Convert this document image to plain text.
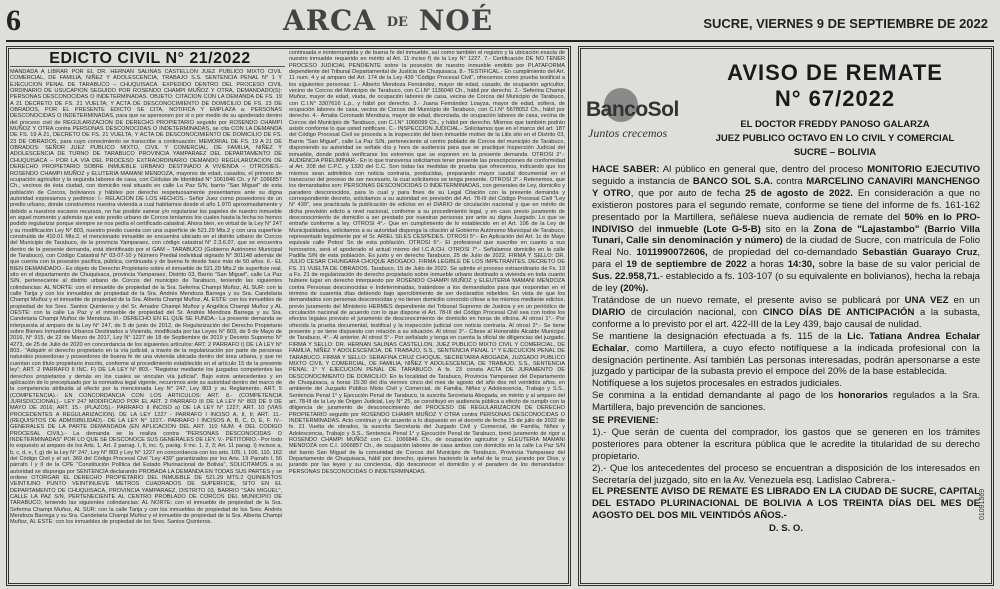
6	ARCA DE NOÉ	SUCRE, VIERNES 9 DE SEPTIEMBRE DE 2022
EDICTO CIVIL N° 21/2022
MANDADA A LIBRAR POR EL DR. HERNAN SALINAS CASTELLON JUEZ PUBLICO MIXTO CIVIL COMERCIAL, DE FAMILIA, NIÑEZ Y ADOLESCENCIA, TRABAJO S.S. SENTENCIA PENAL N° 1 Y EJECUCION PENAL DE TARABUCO – CHUQUISACA. EXPEDIDO DENTRO DEL PROCESO CIVIL ORDINARIO DE USUCAPION SEGUIDO POR ROSENDO CHAMPI MUÑOZ Y OTRA, DEMANDADO(S): PERSONAS DESCONOCIDAS O INDETERMINADAS. OBJETO: CITACION CON LA DEMANDA DE FS. 19 A 21 DECRETO DE FS. 21 VUELTA; Y ACTA DE DESCONOCIMIENTO DE DOMICILIO DE FS. 23 DE OBRADOS, POR EL PRESENTE EDICTO SE CITA, NOTIFICA Y EMPLAZA a: PERSONAS DESCONOCIDAS O INDETERMINADAS, para que se apersonen por sí o por medio de su apoderado dentro del proceso civil de REGULARIZACION DE DERECHO PROPIETARIO seguido por ROSENDO CHAMPI MUÑOZ Y OTRA contra PERSONAS DESCONOCIDAS O INDETERMINADAS, se cita CON LA DEMANDA DE FS. 19 A 21, DECRETO DE FS. 21 VUELTA, Y ACTA DE DESCONOCIMIENTO DE DOMICILIO DE FS. 23 DE OBRADOS, para cuyo conocimiento se transcribe a continuación: MEMORIAL DE FS. 19 A 21 DE OBRADOS: SEÑOR JUEZ PUBLICO MIXTO, CIVIL Y COMERCIAL, DE FAMILIA, NIÑEZ Y ADOLESCENCIA DE TURNO DE TARABUCO PROVINCIA YAMPARAEZ DEL DEPARTAMENTO DE CHUQUISACA – POR LA VIA DEL PROCESO EXTRAORDINARIO DEMANDO REGULARIZACION DE DERECHO PROPIETARIO SOBRE INMUEBLE URBANO DESTINADO A VIVIENDA – OTROSIES.- ROSENDO CHAMPI MUÑOZ y ELUTERIA MAMANI MENDOZA, mayores de edad, casados, el primero de ocupación agricultor y la segunda labores de casa, con Cédulas de Identidad N° 1061846 Ch. y N° 1066857 Ch., vecinos de ésta ciudad, con domicilio real situado en calle La Paz S/N, barrio "San Miguel" de esta población de Corcos, bolivianos y hábiles por derecho respetuosamente presentamos ante su digna autoridad expresamos y pedimos: I.- RELACION DE LOS HECHOS.- Señor Juez como poseedores de un predio urbano, donde construimos nuestra vivienda a cual habitamos desde el año 1.970 aproximadamente y debido a nuestros escasos recursos, no fue posible sanear y/o regularizar los papeles de nuestro inmueble en aquel momento y además que este predio urbano de Corcos teníamos los cuales hasta la fecha no hemos podido regularizar porque siempre se nos pedía el certificado catastral. Ahora bien, en virtud de la Ley N° 247 y su modificación Ley N° 803, nuestro predio cuenta con una superficie de 521.29 Mts.2 y con una superficie construida de 410.01 Mts.2, el mencionado inmueble se encuentra ubicado en el distrito urbano de Corcos del Municipio de Tarabuco, de la provincia Yamparaez, con código catastral N° 2.3.6.07, que se encuentra dentro de la presente demanda, está identificado por el GAM – TARABUCO (Gobierno Autónomo Municipal de Tarabuco), con Código Catastral N° 03-07-10 y Número Predial individual signado N° 301148 además de que cuenta con la posesión pacífica, pública, continuada y de buena fe desde hace más de 50 años. II.- EL BIEN DEMANDADO.- Es objeto de Derecho Propietario sobre el inmueble de 521.29 Mts.2 de superficie real, sito en el departamento de Chuquisaca, provincia Yamparaez, Distrito 03, Barrio "San Miguel", calle La Paz S/N, perteneciente al distrito urbano de Corcos del municipio de Tarabuco, teniendo las siguientes colindancias: AL NORTE: con el inmueble de propiedad de la Sra. Seferina Champi Muñoz, AL SUR: con la calle Tarija y con los inmuebles de propiedad de la Sra. Andrés Mendoza Barrega y su Sra. Candelaria Champi Muñoz y el inmueble de propiedad de la Sra. Alberta Champi Muñoz, AL ESTE: con los inmuebles de propiedad de los Sres. Santos Quinteros y del Sr. Amador Champi Muñoz y Angélica Champi Muñoz y AL OESTE: con la calle La Paz y el inmueble de propiedad del Sr. Andrés Mendoza Barrega y su Sra. Candelaria Champi Muñoz de Mendoza. III.- DERECHO EN EL QUE SE FUNDA.- La presente demanda se interpuesta al amparo de la Ley N° 247, de 5 de junio de 2012, de Regularización del Derecho Propietario sobre Bienes Inmuebles Urbanos Destinados a Vivienda, modificada por las Leyes N° 803, de 9 de Mayo de 2016, N° 915, de 22 de Marzo de 2017, Ley N° 1227 de 18 de Septiembre de 2019 y Decreto Supremo N° 4273, de 25 de Julio de 2020 en concordancia de los siguientes artículos: ART. 2 PARRAFO I) DE LA LEY N° 803.- "Adquirir el derecho propietario en la vía judicial, a través de la regularización por parte de personas naturales poseedoras y poseedores de buena fe de una vivienda ubicada dentro del área urbana, y que no cuentan con título propietario inscrito, conforme al procedimiento establecido en el artículo 15 de la presente ley"; ART. 2 PARRAFO II INC. F) DE LA LEY N° 803.- "Registrar mediante los juzgados competentes las derechos propietarios y demás en los cuales se vinculan vía judicial". Bajo estos antecedentes y en aplicación de lo preceptuado por la normativa legal vigente, recurrimos ante su autoridad dentro del marco de la competencia atribuida al efecto por la mencionada Ley N° 247, Ley 803 y su Reglamento, ART. 5 (COMPETENCIA).- EN CONCORDANCIA CON LOS ARTICULOS: ART. 8.- (COMPETENCIA JURISDICCIONAL).- LEY 247 MODIFICADO POR EL ART. 2 PARRAFO III DE LA LEY N° 803 DE 9 DE MAYO DE 2016; ART. 15.- (PLAZOS).- PARRAFO II INCISO a) DE LA LEY N° 1227; ART. 10 (VIAS PROCEDENTES A REGULARIZACION). DE LA LEY 1227 - PARRAFO I INCISO A, II, II; ART. 11.- (REQUISITOS DE ADMISIBILIDAD).- DE LA LEY N° 1227.- PARRAFO I INCISOS A, B, C, D, E, F. IV.- GENERALES DE LA PARTE DEMANDADA (EN APLICACION DEL ART. 110 NUM. 4 DEL CODIGO PROCESAL CIVIL).- La demanda se la realiza contra "PERSONAS DESCONOCIDAS O INDETERMINADAS" POR LO QUE SE DESCONOCE SUS GENERALES DE LEY. V.- PETITORIO.- Por todo lo expuesto al amparo de los Arts. 1, Art. 2 parrag. I, II, inc. f), parág. II inc. 1, 2, 3; Art. 11 parag. I) incisos a, b, c, d, e, f, g) de la Ley N° 247, Ley N° 803 y Ley N° 1227 en concordancia con los arts. 105, I, 106, 110, 162 del Código Civil y el art. 369 del Código Procesal Civil "Ley 439" garantizados por los Arts. 19 Parrafo I, 56 párrafo I y II de la CPE "Constitución Política del Estado Plurinacional de Bolivia", SOLICITAMOS a su autoridad se disponga por SENTENCIA declarando PROBADA LA DEMANDA EN TODAS SUS PARTES y se ordene OTORGAR EL DERECHO PROPIETARIO DEL INMUEBLE DE 521.29 MTS.2 QUINIENTOS VEINTIUNO PUNTO VEINTINUEVE METROS CUADRADOS DE SUPERFICIE, SITO EN EL DEPARTAMENTO DE CHUQUISACA, PROVINCIA YAMPARAEZ, DISTRITO 03, BARRIO "SAN MIGUEL", CALLE LA PAZ S/N, PERTENECIENTE AL CENTRO PROBLADO DE CORCOS DEL MUNICIPIO DE TARABUCO, teniendo las siguientes colindancias: AL NORTE: con el inmueble de propiedad de la Sra. Seferina Champi Muñoz, AL SUR: con la calle Tarija y con los inmuebles de propiedad de los Sres. Andrés Mendoza Barrega y su Sra. Candelaria Champi Muñoz y el inmueble de propiedad de la Sra. Alberta Champi Muñoz, AL ESTE: con los inmuebles de propiedad de los Sres. Santos Quinteros.
continuada e ininterrumpida y de buena fe del inmueble, así como también el registro y la ubicación exacta de nuestro inmueble requerido en mérito al Art. 11 inciso f) de la Ley N° 1227. 7.- Certificación DE NO TENER PROCESO JUDICIAL PENDIENTE sobre la posesión de nuestro inmueble emitido por PLATAFORMA dependiente del Tribunal Departamental de Justicia de Chuquisaca. 8.- TESTIFICAL.- En cumplimiento del Art. 11 num. 4 y al amparo del Art. 174 de la Ley 439 "Código Procesal Civil", ofrecemos como prueba testifical a los siguientes personas: 1.- Alberto Mendoza Fernández, mayor de edad, casado, de ocupación agricultor, vecino de Corcos del Municipio de Tarabuco, con C.I.N° 1136040 Ch., hábil por derecho. 2.- Seferina Champi Muñoz, mayor de edad, viuda, de ocupación labores de casa, vecina de Corcos del Municipio de Tarabuco, con C.I.N° 3307616 L.p., y hábil por derecho. 3.- Juana Fernández Loayza, mayor de edad, soltera, de ocupación labores de casa, vecina de Corcos del Municipio de Tarabuco, con C.I.N° 5678052 Ch., hábil por derecho. 4.- Amalia Coronado Mendoza, mayor de edad, divorciada, de ocupación labores de casa, vecina de Corcos del Municipio de Tarabuco, con C.I.N° 1066099 Ch., y hábil por derecho. Mismos que también podrán asistir conforme lo que usted notificare. C.- INSPECCION JUDICIAL.- Solicitamos que en el marco del art. 187 del Código Procesal Civil se proceda a la inspección del bien inmueble motivo de la Litis sito en el Distrito 03, Barrio "San Miguel", calle La Paz S/N, perteneciente al centro poblado de Corcos del municipio de Tarabuco, disponiendo su autoridad se señale día y hora de audiencia para que se practique Inspección Judicial del inmueble, donde podrá verificarse los extremos que se exponen en la presente demanda. OTROSI 2°.- AUDIENCIA PRELIMINAR.- En lo que transversa solicitamos tener presente las prescripciones de conformidad al Art. 208 del C.P.C. y 1320 del C.C. Son todas las medidas de prueba que ofrecemos, indicando que los mismos sean admitidos con noticia contraria, producidas, preparando mayor caudal documental en el transcurso del proceso de ser necesario, la cual solicitamos se tenga presente. OTROSI 3°.- Retenemos, que los demandados son: PERSONAS DESCONOCIDAS O INDETERMINADAS, con generales de Ley, domicilio y paradero desconocidos, para lo cual y para fines de su Legal Citación con la presente demanda y correspondiente decreto, solicitamos a su autoridad en previsión del Art. 78-III del Código Procesal Civil "Ley N° 439", sea practicada la publicación de edictos en el DIARIO de circulación nacional y que en mérito de dicha previsión edicto a nivel nacional, conforme a su procedimiento legal, y en caso previo juramento de desconocimiento de domicilio a ser prestado por nuestras personas por ante su digna Juzgado. Lo que se entrañe conforme a ley. OTROSI 4°.- Que en cumplimiento de lo establecido en el Art. 106 de la Ley de Municipalidades, solicitamos a su autoridad disponga la citación al Gobierno Autónomo Municipal de Tarabuco, representado legalmente por el Sr. ARIEL SILES CESPEDES. OTROSI 5°.- En Aplicación del Art. 1c de Mayo equivale calle Potosí Sn de esta población. OTROSI 6°.- El profesional que suscribe en cuanto a sus honorarios, será el apoderado el actual mismo del I.C.A.CH. OTROSI 7°.- Señalamos domicilio en la calle Padilla S/N de esta población. Es justo y en derecho Tarabuco, 25 de Julio de 2022. FIRMA Y SELLO: DR. JULIO CESAR CHUNGARA CHOQUE ABOGADO. FIRMA LEGIBLE DE LOS IMPETRANTES. DECRETO DE FS. 21 VUELTA DE OBRADOS. Tarabuco, 15 de Julio de 2022. Se admite el proceso extraordinario de Fs. 19 a Fs. 21 de regularización de derecho propietario sobre inmueble urbano destinado a vivienda en toda cuanto hubiere lugar en derecho interpuesto por ROSENDO CHAMPI MUÑOZ y ELEUTERIA MAMANI MENDOZA contra Personas desconocidas e Indeterminadas, tratándose a los demandados para que respondan en el término de cuarenta días debiendo bajo apercibimiento de ser declarados rebeldes. En vista de que los demandados son personas desconocidas y no tienen domicilio conocido cítese a los mismos mediante edictos, previo juramento del Ministerio HERMES dependiente del Tribunal Supremo de Justicia y en un periódico de circulación nacional de acuerdo con lo que dispone el Art. 78-III del Código Procesal Civil sea con todos los efectos legales previsto el juramento de desconocimiento de domicilio en horas de oficina. Al otrosí 1°.- Por ofrecida la prueba documental, testifical y la inspección judicial con noticia contraria. Al otrosí 2°.- Se tiene presente y se tiene dispuesto con relación a su situación. Al otrosí 3°.- Cítese al Honorable Alcalde Municipal de Tarabuco. 4°.- Al anterior. Al otrosí 5°.- Por señalado y tenga en cuenta la oficial de diligencias del juzgado. FIRMA Y SELLO: DR. HERNAN SALINAS CASTELLON, JUEZ PUBLICO MIXTO CIVIL Y COMERCIAL, DE FAMILIA, NIÑEZ Y ADOLESCENCIA, DE TRABAJO, S.S., SENTENCIA PENAL 1° Y EJECUCION PENAL DE TARABUCO. FIRMA Y SELLO: SERAFINA CRUZ CHOQUE, SECRETARIA ABOGADA, JUZGADO PUBLICO MIXTO CIVIL Y COMERCIAL, DE FAMILIA, NIÑEZ Y ADOLESCENCIA, DE TRABAJO, S.S., SENTENCIA PENAL 1° Y EJECUCION PENAL DE TARABUCO. A fs. 23 consta ACTA DE JURAMENTO DE DESCONOCIMIENTO DE DOMICILIO: En la localidad de Tarabuco, Provincia Yamparaez del Departamento de Chuquisaca, a horas 15:30 del día viernes cinco del mes de agosto del año dos mil veintidós años, en ambiente del Juzgado Público Mixto Civil y Comercial, de Familia, Niñez y Adolescencia, Trabajo y S.S., Sentencia Penal 1° y Ejecución Penal de Tarabuco, la suscrita Secretaria Abogada, en mérito y al amparo del art. 78-III de la Ley de Origen Judicial, Ley N° 25, se constituyó en audiencia pública a efecto de cumplir con la diligencia de juramento de desconocimiento del PROCESO DE REGULARIZACION DE DERECHO PROPIETARIO seguido por ROSENDO CHAMPI MUÑOZ Y OTRA contra PERSONAS DESCONOCIDAS O INDETERMINADAS. Acto continuo y de acuerdo a lo dispuesto en el decreto de fecha 15 de julio de 2022 de fs. 21 Vuelta de obrados, la suscrita Secretaria del Juzgado Civil y Comercial, de Familia, Niñez y Adolescencia, Trabajo y S.S., Sentencia Penal 1° y Ejecución Penal de Tarabuco, tomó juramento de rigor a ROSENDO CHAMPI MUÑOZ con C.I. 1066846 Ch., de ocupación agricultor y ELEUTERIA MAMANI MENDOZA con C.I. 1066857 Ch., de ocupación labores de casa ambos con domicilio en la calle La Paz S/N del barrio San Miguel de la comunidad de Corcos del Municipio de Tarabuco, Provincia Yamparaez del Departamento de Chuquisaca, hábil por derecho, quienes haciendo la señal de la cruz, jurando por Dios, y jurando por las leyes y su conciencia, dijo desconocer el domicilio y el paradero de los demandados: PERSONAS DESCONOCIDAS O INDETERMINADAS.
BancoSol
Juntos crecemos
AVISO DE REMATE
N° 67/2022
EL DOCTOR FREDDY PANOSO GALARZA
JUEZ PUBLICO OCTAVO EN LO CIVIL Y COMERCIAL
SUCRE – BOLIVIA

HACE SABER: Al público en general que, dentro del proceso MONITORIO EJECUTIVO seguido a instancia de BANCO SOL S.A. contra MARCELINO CANAVIRI MANCHENGO Y OTRO, que por auto de fecha 25 de agosto de 2022. En consideración a que no existieron postores para el segundo remate, conforme se tiene del informe de fs. 161-162 presentado por la Martillera, señálese nueva audiencia de remate del 50% en lo PRO-INDIVISO del inmueble (Lote G-5-B) sito en la Zona de "Lajastambo" (Barrio Villa Tunari, Calle sin denominación y número) de la ciudad de Sucre, con matrícula de Folio Real No. 1011990072606, de propiedad del co-demandado Sebastián Guarayo Cruz, para el 19 de septiembre de 2022 a horas 14:30, sobre la base de su valor pericial de Sus. 22.958,71.- establecido a fs. 103-107 (o su equivalente en bolivianos), hecha la rebaja de ley (20%).

Tratándose de un nuevo remate, el presente aviso se publicará por UNA VEZ en un DIARIO de circulación nacional, con CINCO DÍAS DE ANTICIPACIÓN a la subasta, conforme a lo previsto por el art. 422-III de la Ley 439, bajo causal de nulidad.

Se mantiene la designación efectuada a fs. 115 de la Lic. Tatiana Andrea Echalar Echalar, como Martillera, a cuyo efecto notifíquese a la indicada profesional con la designación pertinente. Así también Las personas interesadas, podrán apersonarse a este juzgado y participar de la subasta previo el empoce del 20% de la base establecida.

Notifíquese a los sujetos procesales en estrados judiciales.

Se conmina a la entidad demandante al pago de los honorarios regulados a la Sra. Martillera, bajo prevención de sanciones.

SE PREVIENE:

1).- Que serán de cuenta del comprador, los gastos que se generen en los trámites posteriores para obtener la escritura pública que le acredite la titularidad de su derecho propietario.

2).- Que los antecedentes del proceso se encuentran a disposición de los interesados en Secretaría del juzgado, sito en la Av. Venezuela esq. Ladislao Cabrera.-

EL PRESENTE AVISO DE REMATE ES LIBRADO EN LA CIUDAD DE SUCRE, CAPITAL DEL ESTADO PLURINACIONAL DE BOLIVIA A LOS TREINTA DÍAS DEL MES DE AGOSTO DEL DOS MIL VEINTIDÓS AÑOS.-

D. S. O.

01091569
